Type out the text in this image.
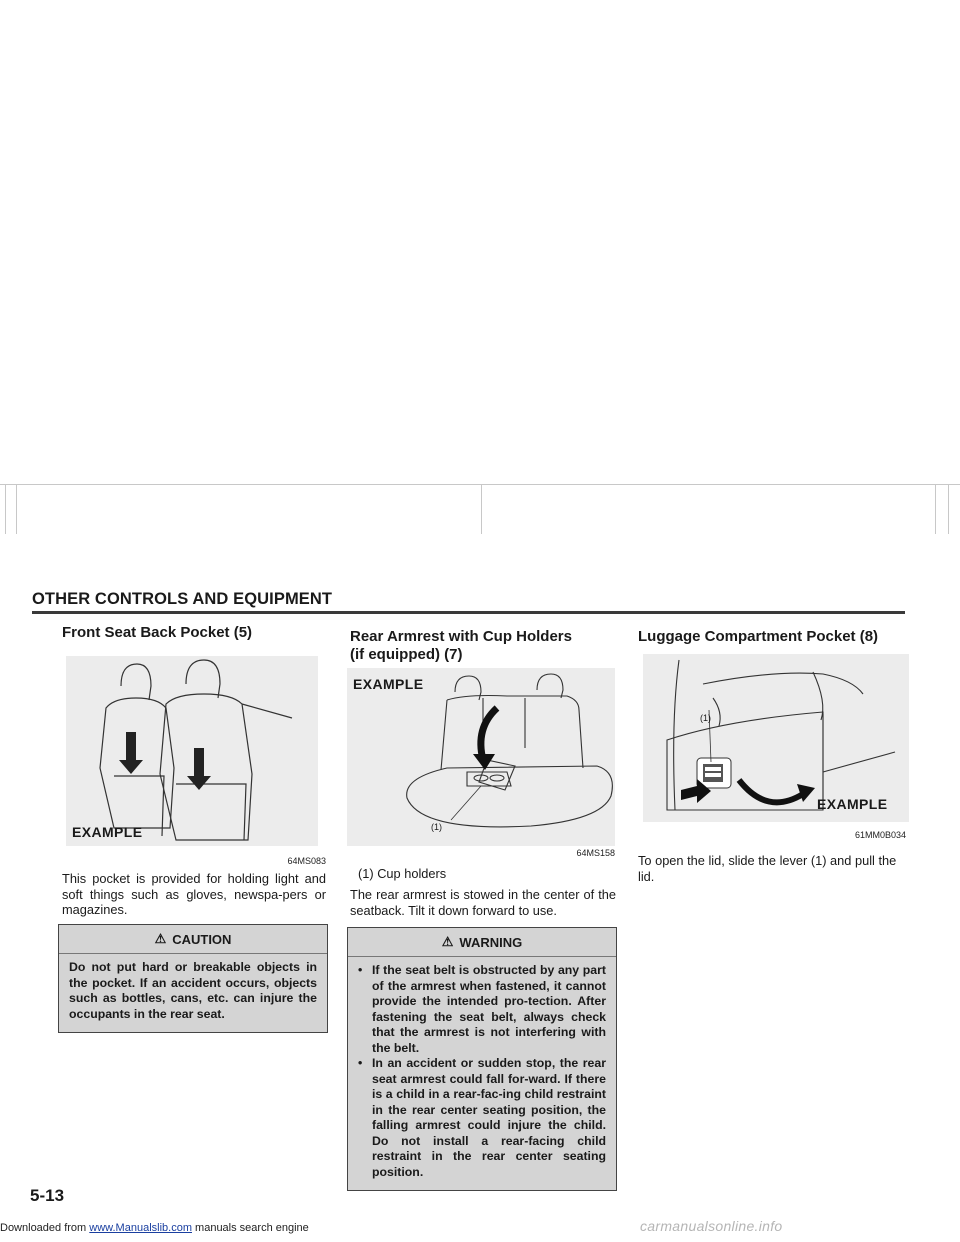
OTHER CONTROLS AND EQUIPMENT
Front Seat Back Pocket (5)
EXAMPLE
64MS083
This pocket is provided for holding light and soft things such as gloves, newspa-pers or magazines.
⚠ CAUTION
Do not put hard or breakable objects in the pocket. If an accident occurs, objects such as bottles, cans, etc. can injure the occupants in the rear seat.
Rear Armrest with Cup Holders
(if equipped) (7)
EXAMPLE
(1)
64MS158
(1) Cup holders
The rear armrest is stowed in the center of the seatback. Tilt it down forward to use.
⚠ WARNING
• If the seat belt is obstructed by any part of the armrest when fastened, it cannot provide the intended pro-tection. After fastening the seat belt, always check that the armrest is not interfering with the belt.
• In an accident or sudden stop, the rear seat armrest could fall for-ward. If there is a child in a rear-fac-ing child restraint in the rear center seating position, the falling armrest could injure the child. Do not install a rear-facing child restraint in the rear center seating position.
Luggage Compartment Pocket (8)
(1)
EXAMPLE
61MM0B034
To open the lid, slide the lever (1) and pull the lid.
5-13
Downloaded from www.Manualslib.com manuals search engine	carmanualsonline.info
